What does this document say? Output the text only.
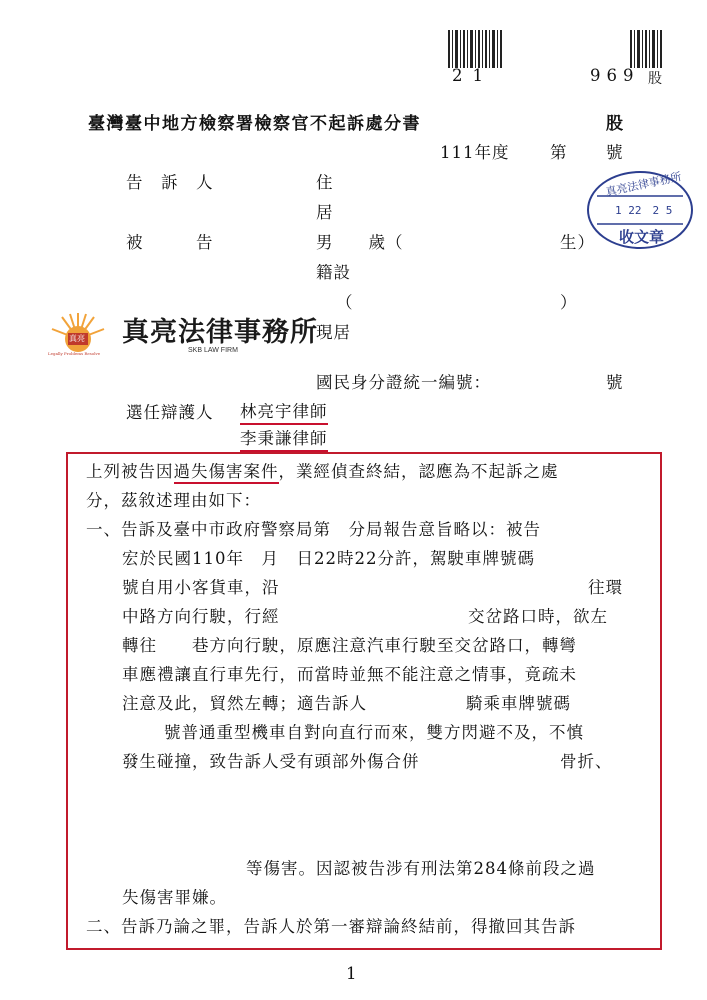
21	969 股
臺灣臺中地方檢察署檢察官不起訴處分書	股
111年度 第 號
告　訴　人	住
居
被　　　告	男　　歲（	生）
籍設
（	）
現居
國民身分證統一編號：	號
選任辯護人 林亮宇律師
李秉謙律師
真亮法律事務所
1 22　2 5
收文章
真亮
Legally Problems Resolve
真亮法律事務所
SKB LAW FIRM
上列被告因過失傷害案件，業經偵查終結，認應為不起訴之處
分，茲敘述理由如下：
一、告訴及臺中市政府警察局第　分局報告意旨略以：被告
宏於民國110年　月　日22時22分許，駕駛車牌號碼
號自用小客貨車，沿	往環
中路方向行駛，行經	交岔路口時，欲左
轉往　　巷方向行駛，原應注意汽車行駛至交岔路口，轉彎
車應禮讓直行車先行，而當時並無不能注意之情事，竟疏未
注意及此，貿然左轉；適告訴人	騎乘車牌號碼
號普通重型機車自對向直行而來，雙方閃避不及，不慎
發生碰撞，致告訴人受有頭部外傷合併	骨折、
等傷害。因認被告涉有刑法第284條前段之過
失傷害罪嫌。
二、告訴乃論之罪，告訴人於第一審辯論終結前，得撤回其告訴
1
